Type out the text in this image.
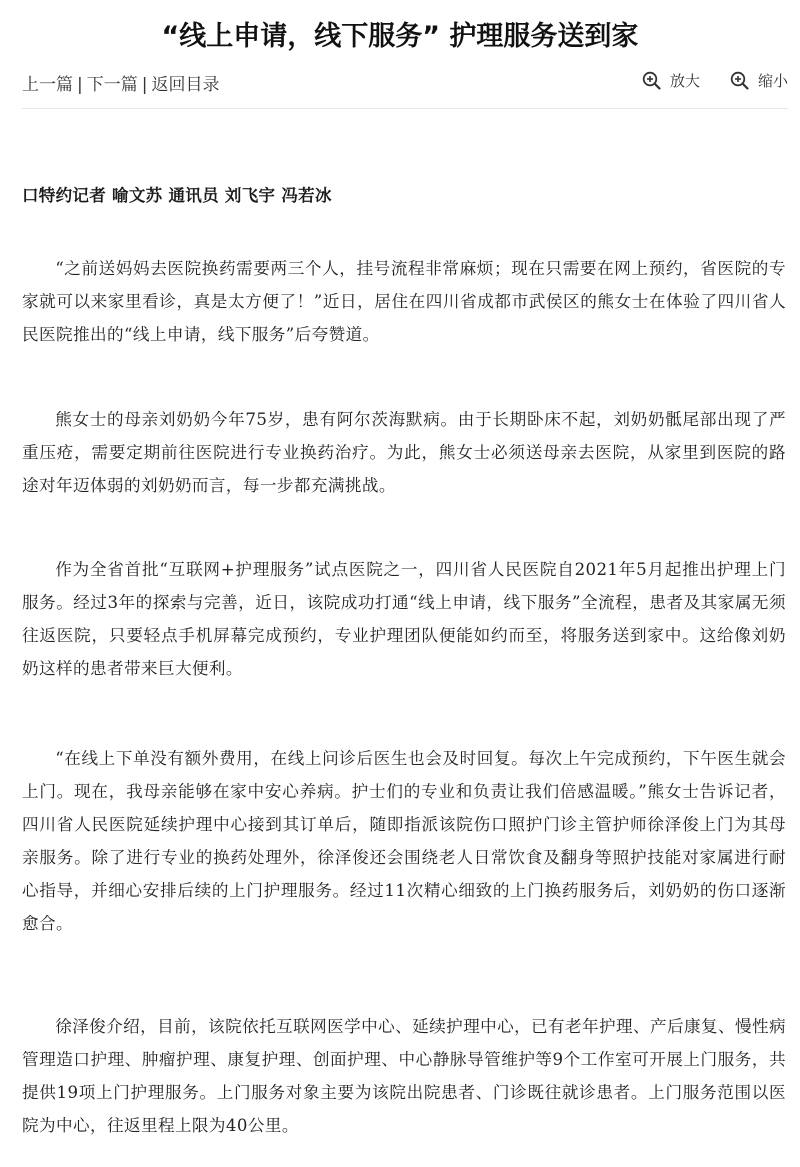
“线上申请，线下服务” 护理服务送到家
上一篇 | 下一篇 | 返回目录	放大	缩小
口特约记者 喻文苏 通讯员 刘飞宇 冯若冰

“之前送妈妈去医院换药需要两三个人，挂号流程非常麻烦；现在只需要在网上预约，省医院的专家就可以来家里看诊，真是太方便了！”近日，居住在四川省成都市武侯区的熊女士在体验了四川省人民医院推出的“线上申请，线下服务”后夸赞道。

熊女士的母亲刘奶奶今年75岁，患有阿尔茨海默病。由于长期卧床不起，刘奶奶骶尾部出现了严重压疮，需要定期前往医院进行专业换药治疗。为此，熊女士必须送母亲去医院，从家里到医院的路途对年迈体弱的刘奶奶而言，每一步都充满挑战。

作为全省首批“互联网+护理服务”试点医院之一，四川省人民医院自2021年5月起推出护理上门服务。经过3年的探索与完善，近日，该院成功打通“线上申请，线下服务”全流程，患者及其家属无须往返医院，只要轻点手机屏幕完成预约，专业护理团队便能如约而至，将服务送到家中。这给像刘奶奶这样的患者带来巨大便利。

“在线上下单没有额外费用，在线上问诊后医生也会及时回复。每次上午完成预约，下午医生就会上门。现在，我母亲能够在家中安心养病。护士们的专业和负责让我们倍感温暖。”熊女士告诉记者，四川省人民医院延续护理中心接到其订单后，随即指派该院伤口照护门诊主管护师徐泽俊上门为其母亲服务。除了进行专业的换药处理外，徐泽俊还会围绕老人日常饮食及翻身等照护技能对家属进行耐心指导，并细心安排后续的上门护理服务。经过11次精心细致的上门换药服务后，刘奶奶的伤口逐渐愈合。

徐泽俊介绍，目前，该院依托互联网医学中心、延续护理中心，已有老年护理、产后康复、慢性病管理造口护理、肿瘤护理、康复护理、创面护理、中心静脉导管维护等9个工作室可开展上门服务，共提供19项上门护理服务。上门服务对象主要为该院出院患者、门诊既往就诊患者。上门服务范围以医院为中心，往返里程上限为40公里。
